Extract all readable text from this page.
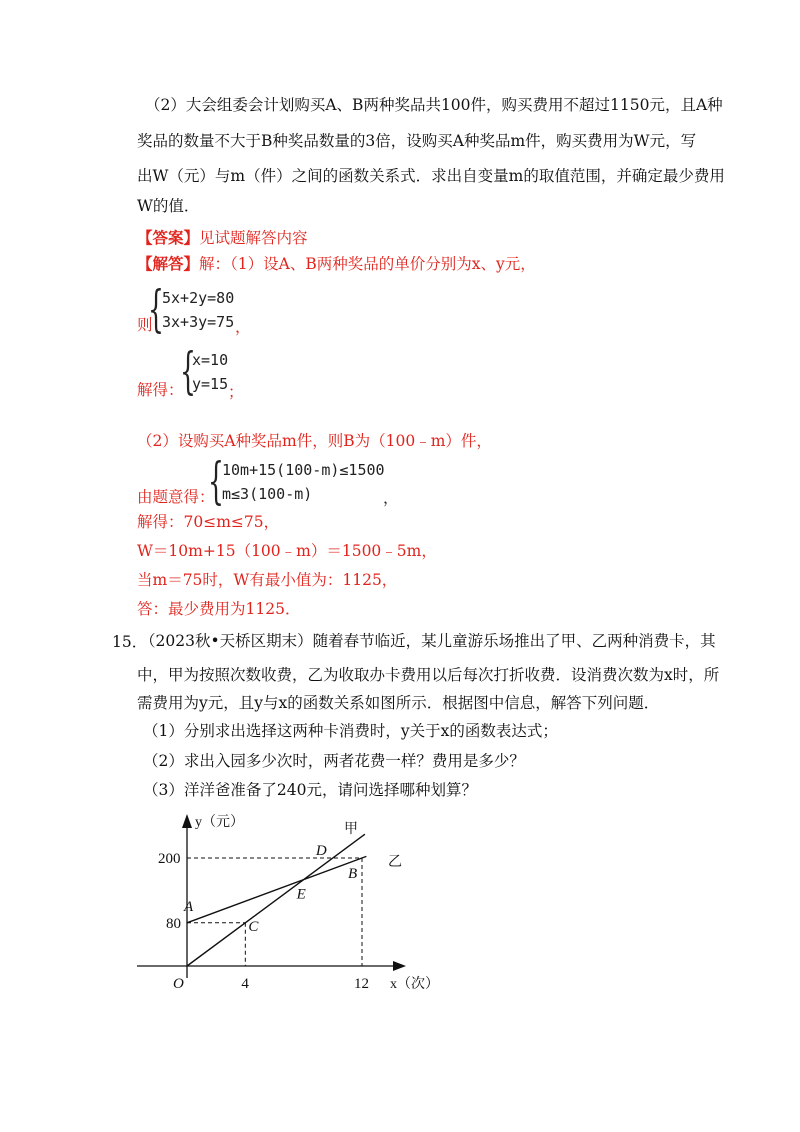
（2）大会组委会计划购买A、B两种奖品共100件，购买费用不超过1150元，且A种
奖品的数量不大于B种奖品数量的3倍，设购买A种奖品m件，购买费用为W元，写
出W（元）与m（件）之间的函数关系式．求出自变量m的取值范围，并确定最少费用
W的值．
【答案】见试题解答内容
【解答】解：（1）设A、B两种奖品的单价分别为x、y元，
则
{
5x+2y=80
3x+3y=75 ，
解得：
{
x=10
y=15 ；
（2）设购买A种奖品m件，则B为（100﹣m）件，
由题意得：
{
10m+15(100-m)≤1500
m≤3(100-m)	，
解得：70≤m≤75，
W＝10m+15（100﹣m）＝1500﹣5m，
当m＝75时，W有最小值为：1125，
答：最少费用为1125．
15．
（2023秋•天桥区期末）随着春节临近，某儿童游乐场推出了甲、乙两种消费卡，其
中，甲为按照次数收费，乙为收取办卡费用以后每次打折收费．设消费次数为x时，所
需费用为y元，且y与x的函数关系如图所示．根据图中信息，解答下列问题．
（1）分别求出选择这两种卡消费时，y关于x的函数表达式；
（2）求出入园多少次时，两者花费一样？费用是多少？
（3）洋洋爸准备了240元，请问选择哪种划算？
4	12
80
200
O
y（元）
x（次）
甲
乙
A
B
C
D
E
